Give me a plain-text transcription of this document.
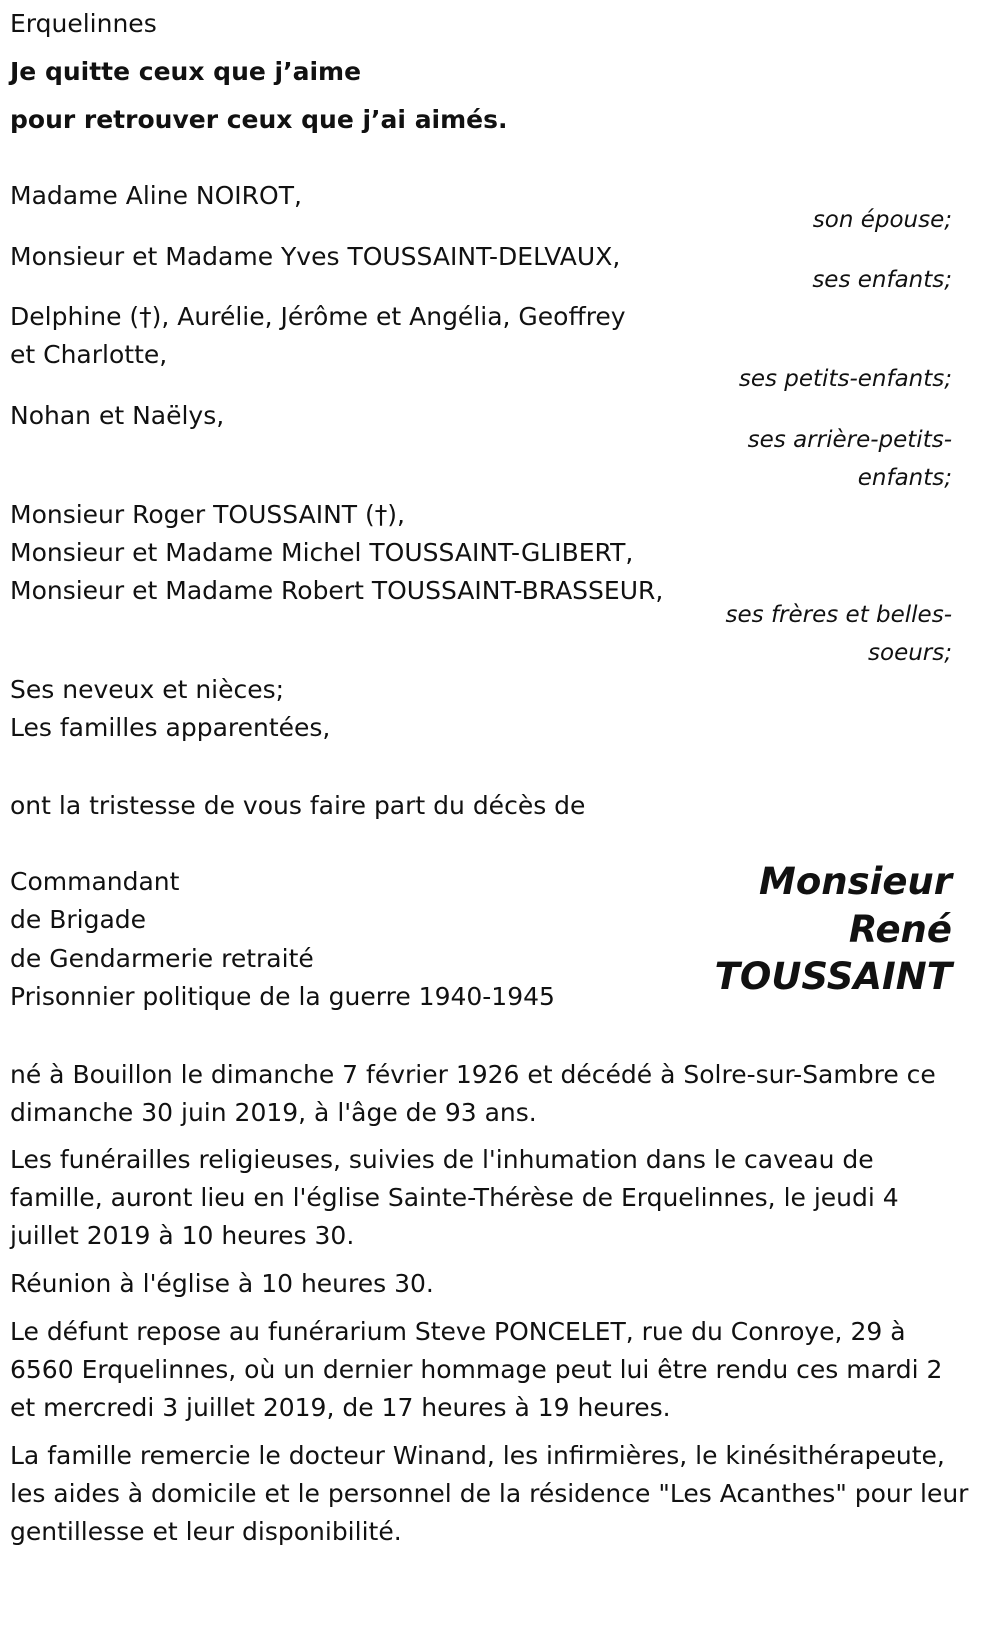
Erquelinnes
Je quitte ceux que j’aime
pour retrouver ceux que j’ai aimés.
Madame Aline NOIROT,
son épouse;
Monsieur et Madame Yves TOUSSAINT-DELVAUX,
ses enfants;
Delphine (†), Aurélie, Jérôme et Angélia, Geoffrey
et Charlotte,
ses petits-enfants;
Nohan et Naëlys,
ses arrière-petits-
enfants;
Monsieur Roger TOUSSAINT (†),
Monsieur et Madame Michel TOUSSAINT-GLIBERT,
Monsieur et Madame Robert TOUSSAINT-BRASSEUR,
ses frères et belles-
soeurs;
Ses neveux et nièces;
Les familles apparentées,
ont la tristesse de vous faire part du décès de
Commandant
de Brigade
de Gendarmerie retraité
Prisonnier politique de la guerre 1940-1945
Monsieur
René
TOUSSAINT
né à Bouillon le dimanche 7 février 1926 et décédé à Solre-sur-Sambre ce dimanche 30 juin 2019, à l'âge de 93 ans.
Les funérailles religieuses, suivies de l'inhumation dans le caveau de famille, auront lieu en l'église Sainte-Thérèse de Erquelinnes, le jeudi 4 juillet 2019 à 10 heures 30.
Réunion à l'église à 10 heures 30.
Le défunt repose au funérarium Steve PONCELET, rue du Conroye, 29 à 6560 Erquelinnes, où un dernier hommage peut lui être rendu ces mardi 2 et mercredi 3 juillet 2019, de 17 heures à 19 heures.
La famille remercie le docteur Winand, les infirmières, le kinésithérapeute, les aides à domicile et le personnel de la résidence "Les Acanthes" pour leur gentillesse et leur disponibilité.
